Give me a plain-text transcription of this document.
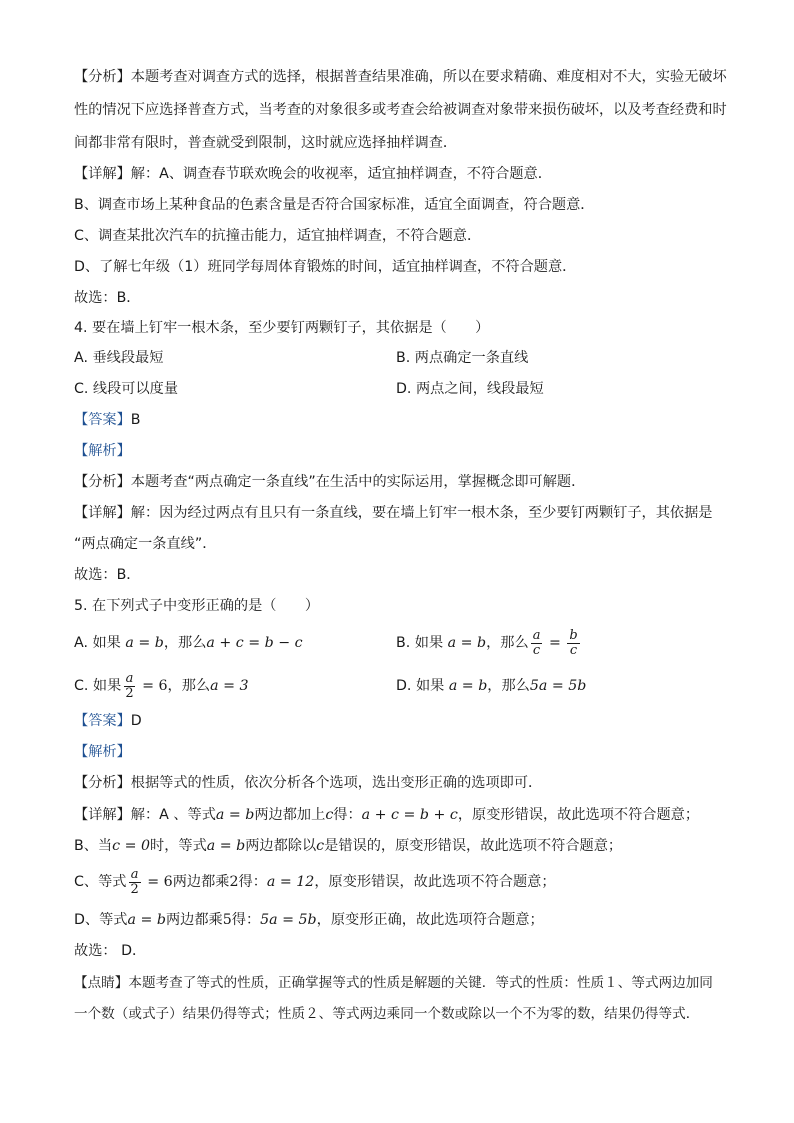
【分析】本题考查对调查方式的选择，根据普查结果准确，所以在要求精确、难度相对不大，实验无破坏
性的情况下应选择普查方式，当考查的对象很多或考查会给被调查对象带来损伤破坏，以及考查经费和时
间都非常有限时，普查就受到限制，这时就应选择抽样调查．
【详解】解：A、调查春节联欢晚会的收视率，适宜抽样调查，不符合题意．
B、调查市场上某种食品的色素含量是否符合国家标准，适宜全面调查，符合题意．
C、调查某批次汽车的抗撞击能力，适宜抽样调查，不符合题意．
D、了解七年级（1）班同学每周体育锻炼的时间，适宜抽样调查，不符合题意．
故选：B．
4. 要在墙上钉牢一根木条，至少要钉两颗钉子，其依据是（　　）
A. 垂线段最短	B. 两点确定一条直线
C. 线段可以度量	D. 两点之间，线段最短
【答案】B
【解析】
【分析】本题考查“两点确定一条直线”在生活中的实际运用，掌握概念即可解题．
【详解】解：因为经过两点有且只有一条直线，要在墙上钉牢一根木条，至少要钉两颗钉子，其依据是
“两点确定一条直线”．
故选：B．
5. 在下列式子中变形正确的是（　　）
A. 如果 a = b，那么a + c = b − c	B. 如果 a = b，那么 $\frac{a}{c} = \frac{b}{c}$
C. 如果 $\frac{a}{2} = 6$，那么a = 3	D. 如果 a = b，那么5a = 5b
【答案】D
【解析】
【分析】根据等式的性质，依次分析各个选项，选出变形正确的选项即可．
【详解】解：A 、等式a = b两边都加上c得：a + c = b + c，原变形错误，故此选项不符合题意；
B、当c = 0时，等式a = b两边都除以c是错误的，原变形错误，故此选项不符合题意；
C、等式 $\frac{a}{2} = 6$两边都乘2得：a = 12，原变形错误，故此选项不符合题意；
D、等式a = b两边都乘5得：5a = 5b，原变形正确，故此选项符合题意；
故选： D．
【点睛】本题考查了等式的性质，正确掌握等式的性质是解题的关键．等式的性质：性质１、等式两边加同
一个数（或式子）结果仍得等式；性质２、等式两边乘同一个数或除以一个不为零的数，结果仍得等式．
